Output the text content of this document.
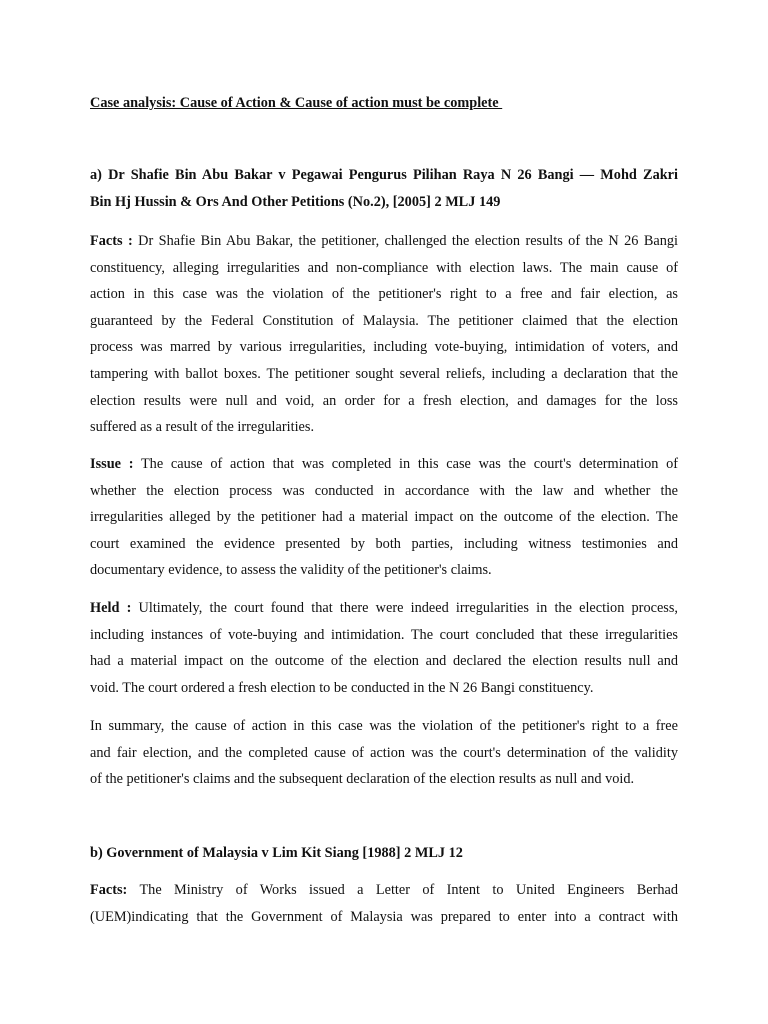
Case analysis: Cause of Action & Cause of action must be complete
a) Dr Shafie Bin Abu Bakar v Pegawai Pengurus Pilihan Raya N 26 Bangi — Mohd Zakri
Bin Hj Hussin & Ors And Other Petitions (No.2), [2005] 2 MLJ 149
Facts : Dr Shafie Bin Abu Bakar, the petitioner, challenged the election results of the N 26 Bangi
constituency, alleging irregularities and non-compliance with election laws. The main cause of
action in this case was the violation of the petitioner's right to a free and fair election, as
guaranteed by the Federal Constitution of Malaysia. The petitioner claimed that the election
process was marred by various irregularities, including vote-buying, intimidation of voters, and
tampering with ballot boxes. The petitioner sought several reliefs, including a declaration that the
election results were null and void, an order for a fresh election, and damages for the loss
suffered as a result of the irregularities.
Issue : The cause of action that was completed in this case was the court's determination of
whether the election process was conducted in accordance with the law and whether the
irregularities alleged by the petitioner had a material impact on the outcome of the election. The
court examined the evidence presented by both parties, including witness testimonies and
documentary evidence, to assess the validity of the petitioner's claims.
Held : Ultimately, the court found that there were indeed irregularities in the election process,
including instances of vote-buying and intimidation. The court concluded that these irregularities
had a material impact on the outcome of the election and declared the election results null and
void. The court ordered a fresh election to be conducted in the N 26 Bangi constituency.
In summary, the cause of action in this case was the violation of the petitioner's right to a free
and fair election, and the completed cause of action was the court's determination of the validity
of the petitioner's claims and the subsequent declaration of the election results as null and void.
b) Government of Malaysia v Lim Kit Siang [1988] 2 MLJ 12
Facts: The Ministry of Works issued a Letter of Intent to United Engineers Berhad
(UEM)indicating that the Government of Malaysia was prepared to enter into a contract with
